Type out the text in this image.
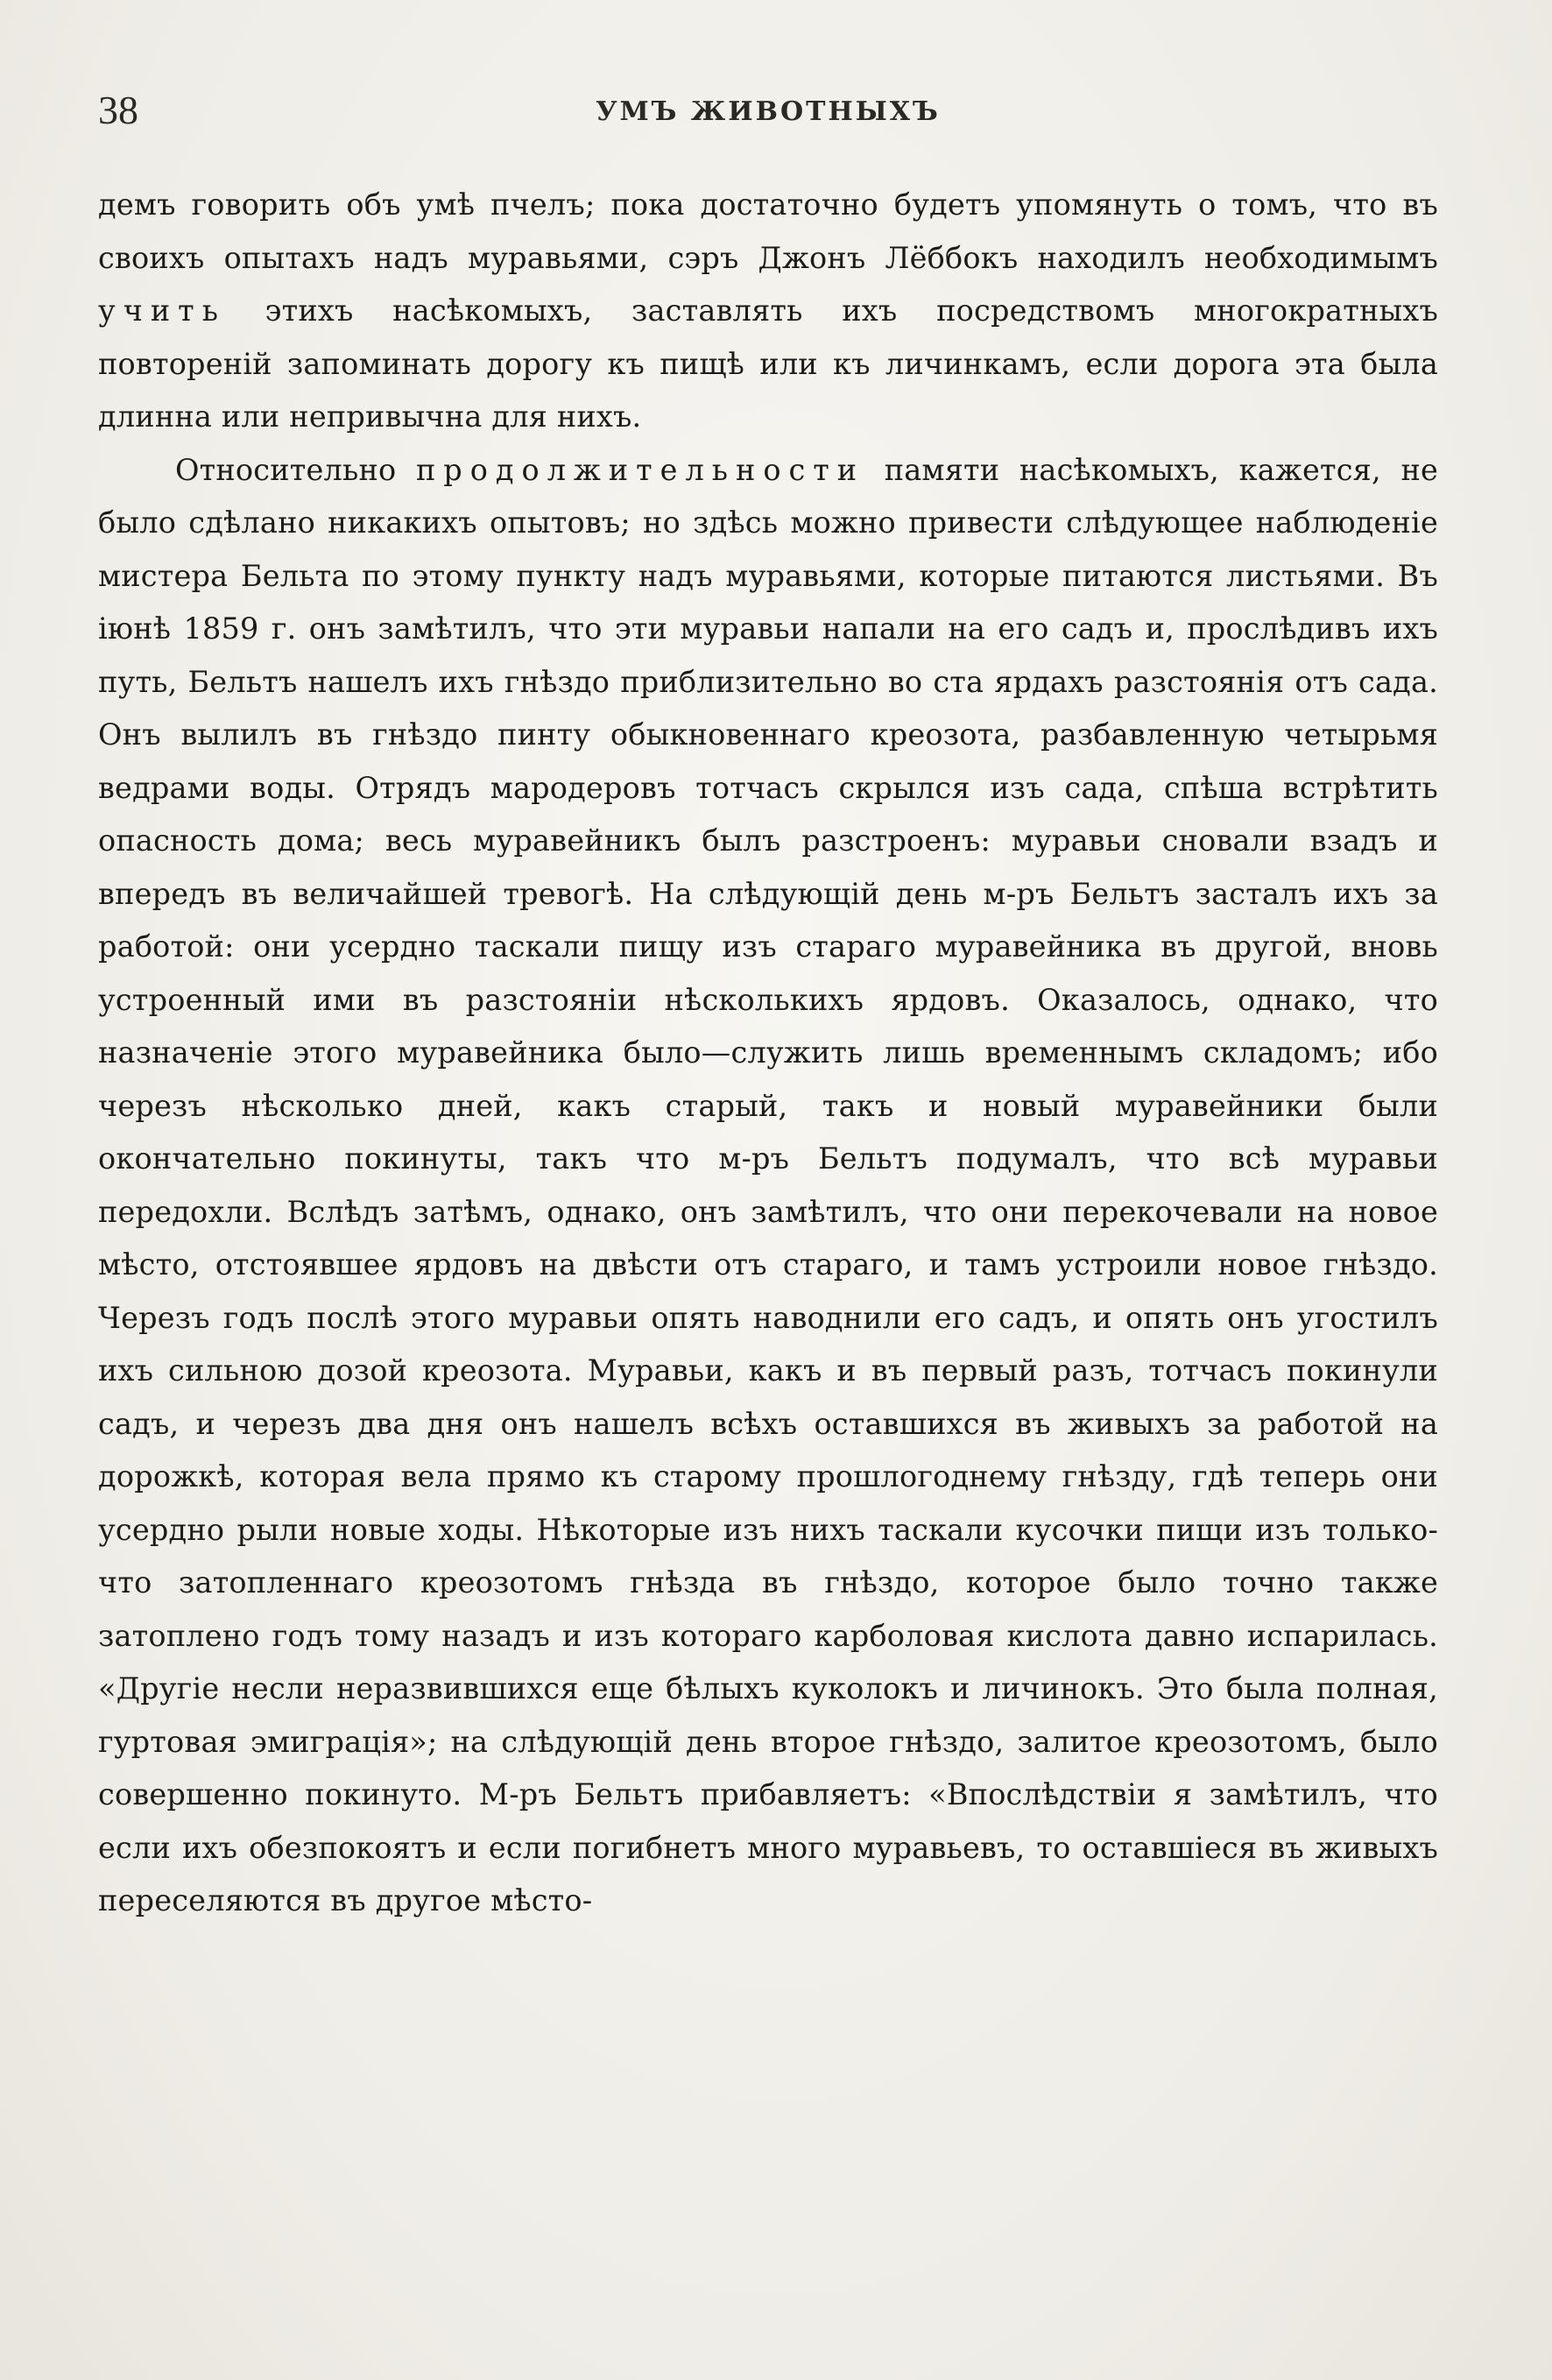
38	УМЪ ЖИВОТНЫХЪ

демъ говорить объ умѣ пчелъ; пока достаточно будетъ упомянуть о томъ, что въ своихъ опытахъ надъ муравьями, сэръ Джонъ Лёббокъ находилъ необходимымъ учить этихъ насѣкомыхъ, заставлять ихъ посредствомъ многократныхъ повтореній запоминать дорогу къ пищѣ или къ личинкамъ, если дорога эта была длинна или непривычна для нихъ.

Относительно продолжительности памяти насѣкомыхъ, кажется, не было сдѣлано никакихъ опытовъ; но здѣсь можно привести слѣдующее наблюденіе мистера Бельта по этому пункту надъ муравьями, которые питаются листьями. Въ іюнѣ 1859 г. онъ замѣтилъ, что эти муравьи напали на его садъ и, прослѣдивъ ихъ путь, Бельтъ нашелъ ихъ гнѣздо приблизительно во ста ярдахъ разстоянія отъ сада. Онъ вылилъ въ гнѣздо пинту обыкновеннаго креозота, разбавленную четырьмя ведрами воды. Отрядъ мародеровъ тотчасъ скрылся изъ сада, спѣша встрѣтить опасность дома; весь муравейникъ былъ разстроенъ: муравьи сновали взадъ и впередъ въ величайшей тревогѣ. На слѣдующій день м-ръ Бельтъ засталъ ихъ за работой: они усердно таскали пищу изъ стараго муравейника въ другой, вновь устроенный ими въ разстояніи нѣсколькихъ ярдовъ. Оказалось, однако, что назначеніе этого муравейника было—служить лишь временнымъ складомъ; ибо черезъ нѣсколько дней, какъ старый, такъ и новый муравейники были окончательно покинуты, такъ что м-ръ Бельтъ подумалъ, что всѣ муравьи передохли. Вслѣдъ затѣмъ, однако, онъ замѣтилъ, что они перекочевали на новое мѣсто, отстоявшее ярдовъ на двѣсти отъ стараго, и тамъ устроили новое гнѣздо. Черезъ годъ послѣ этого муравьи опять наводнили его садъ, и опять онъ угостилъ ихъ сильною дозой креозота. Муравьи, какъ и въ первый разъ, тотчасъ покинули садъ, и черезъ два дня онъ нашелъ всѣхъ оставшихся въ живыхъ за работой на дорожкѣ, которая вела прямо къ старому прошлогоднему гнѣзду, гдѣ теперь они усердно рыли новые ходы. Нѣкоторые изъ нихъ таскали кусочки пищи изъ только-что затопленнаго креозотомъ гнѣзда въ гнѣздо, которое было точно также затоплено годъ тому назадъ и изъ котораго карболовая кислота давно испарилась. «Другіе несли неразвившихся еще бѣлыхъ куколокъ и личинокъ. Это была полная, гуртовая эмиграція»; на слѣдующій день второе гнѣздо, залитое креозотомъ, было совершенно покинуто. М-ръ Бельтъ прибавляетъ: «Впослѣдствіи я замѣтилъ, что если ихъ обезпокоятъ и если погибнетъ много муравьевъ, то оставшіеся въ живыхъ переселяются въ другое мѣсто-
